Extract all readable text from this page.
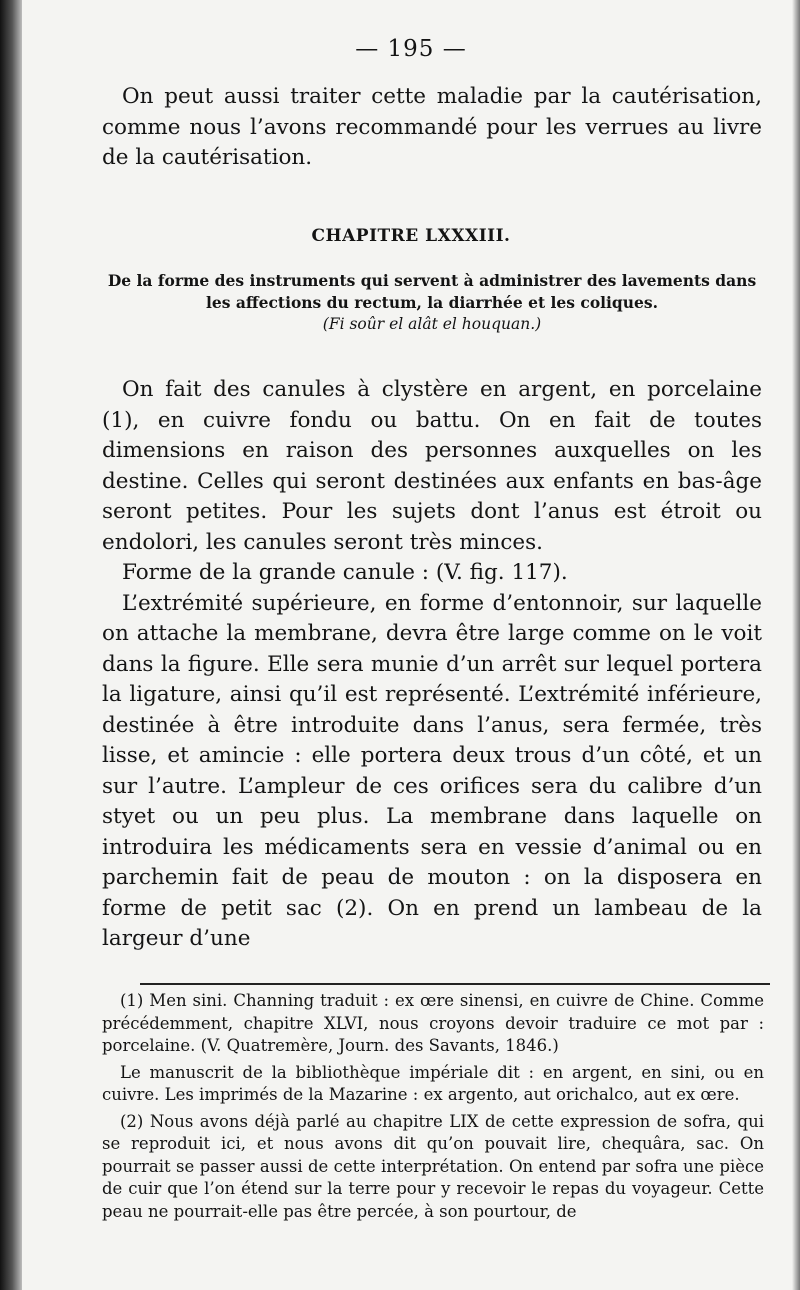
— 195 —

On peut aussi traiter cette maladie par la cautérisation, comme nous l’avons recommandé pour les verrues au livre de la cautérisation.

CHAPITRE LXXXIII.
De la forme des instruments qui servent à administrer des lavements dans les affections du rectum, la diarrhée et les coliques.
(Fi soûr el alât el houquan.)

On fait des canules à clystère en argent, en porcelaine (1), en cuivre fondu ou battu. On en fait de toutes dimensions en raison des personnes auxquelles on les destine. Celles qui seront destinées aux enfants en bas-âge seront petites. Pour les sujets dont l’anus est étroit ou endolori, les canules seront très minces.

Forme de la grande canule : (V. fig. 117).

L’extrémité supérieure, en forme d’entonnoir, sur laquelle on attache la membrane, devra être large comme on le voit dans la figure. Elle sera munie d’un arrêt sur lequel portera la ligature, ainsi qu’il est représenté. L’extrémité inférieure, destinée à être introduite dans l’anus, sera fermée, très lisse, et amincie : elle portera deux trous d’un côté, et un sur l’autre. L’ampleur de ces orifices sera du calibre d’un styet ou un peu plus. La membrane dans laquelle on introduira les médicaments sera en vessie d’animal ou en parchemin fait de peau de mouton : on la disposera en forme de petit sac (2). On en prend un lambeau de la largeur d’une

(1) Men sini. Channing traduit : ex œre sinensi, en cuivre de Chine. Comme précédemment, chapitre XLVI, nous croyons devoir traduire ce mot par : porcelaine. (V. Quatremère, Journ. des Savants, 1846.)

Le manuscrit de la bibliothèque impériale dit : en argent, en sini, ou en cuivre. Les imprimés de la Mazarine : ex argento, aut orichalco, aut ex œre.

(2) Nous avons déjà parlé au chapitre LIX de cette expression de sofra, qui se reproduit ici, et nous avons dit qu’on pouvait lire, chequâra, sac. On pourrait se passer aussi de cette interprétation. On entend par sofra une pièce de cuir que l’on étend sur la terre pour y recevoir le repas du voyageur. Cette peau ne pourrait-elle pas être percée, à son pourtour, de
